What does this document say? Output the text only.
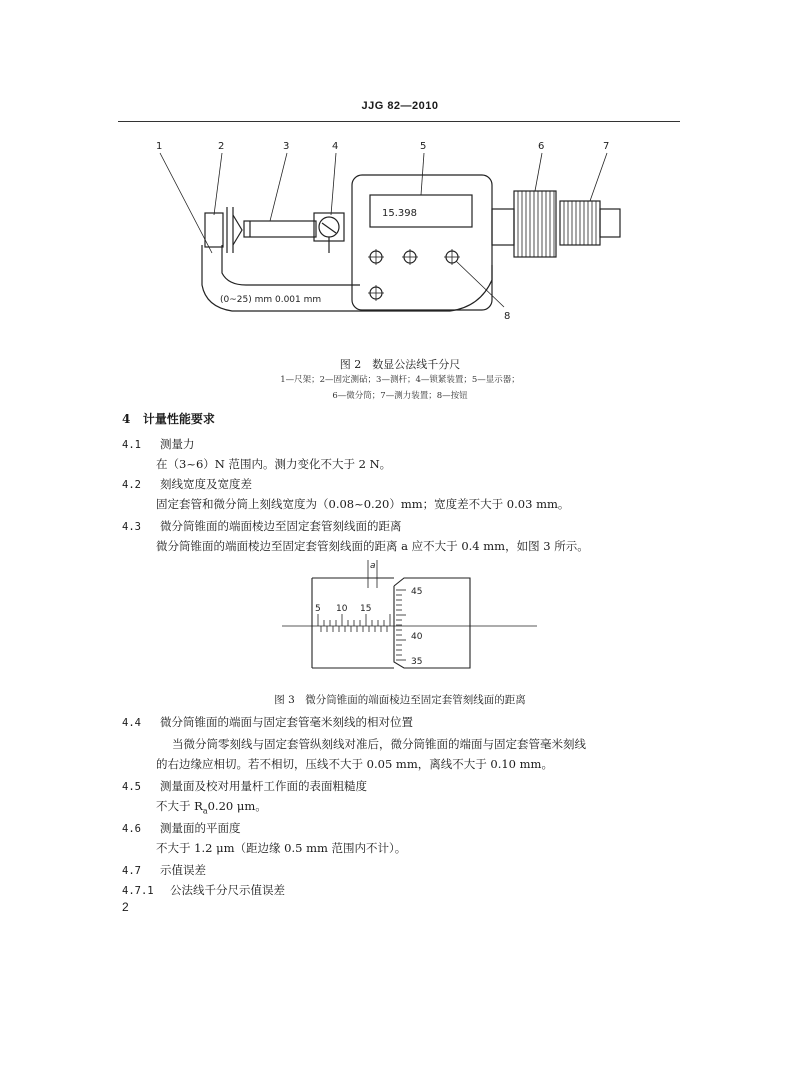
JJG 82—2010
1	2	3	4	5	6	7
8
15.398
(0~25) mm 0.001 mm
图 2　数显公法线千分尺
1—尺架；2—固定测砧；3—测杆；4—锁紧装置；5—显示器；
6—微分筒；7—测力装置；8—按钮
4 计量性能要求
4.1 测量力
在（3~6）N 范围内。测力变化不大于 2 N。
4.2 刻线宽度及宽度差
固定套管和微分筒上刻线宽度为（0.08~0.20）mm；宽度差不大于 0.03 mm。
4.3 微分筒锥面的端面棱边至固定套管刻线面的距离
微分筒锥面的端面棱边至固定套管刻线面的距离 a 应不大于 0.4 mm，如图 3 所示。
5 10 15
45
40
35
a
图 3　微分筒锥面的端面棱边至固定套管刻线面的距离
4.4 微分筒锥面的端面与固定套管毫米刻线的相对位置
当微分筒零刻线与固定套管纵刻线对准后，微分筒锥面的端面与固定套管毫米刻线
的右边缘应相切。若不相切，压线不大于 0.05 mm，离线不大于 0.10 mm。
4.5 测量面及校对用量杆工作面的表面粗糙度
不大于 $R_a0.20$ μm。
4.6 测量面的平面度
不大于 1.2 μm（距边缘 0.5 mm 范围内不计）。
4.7 示值误差
4.7.1 公法线千分尺示值误差
2
